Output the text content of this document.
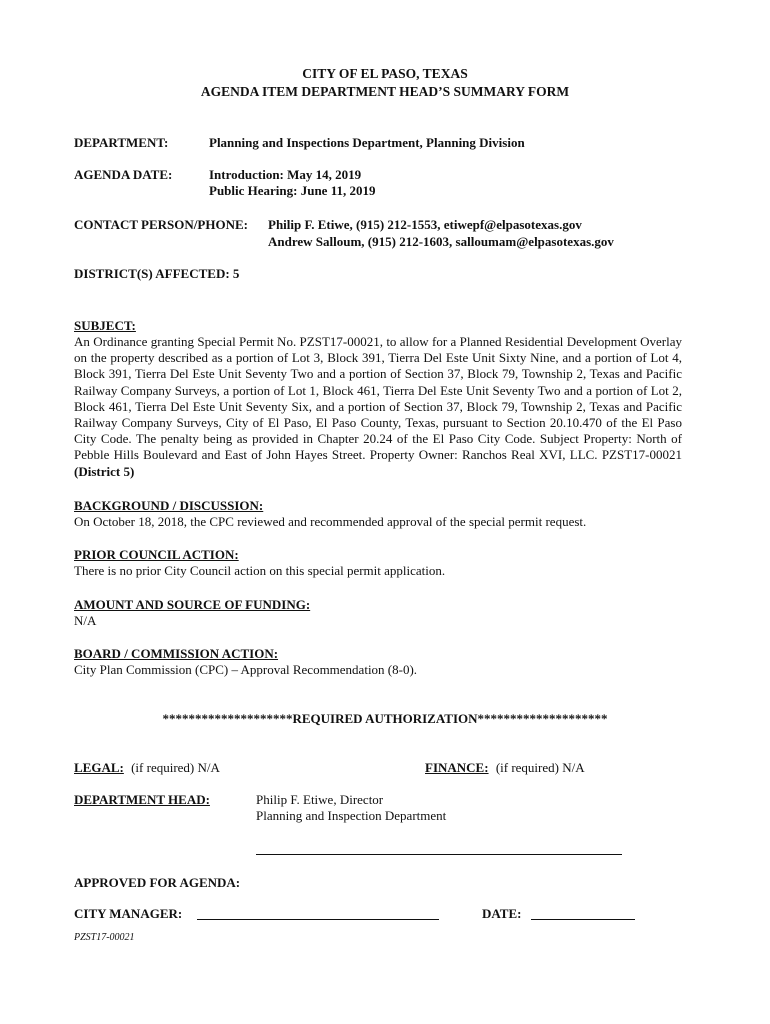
CITY OF EL PASO, TEXAS
AGENDA ITEM DEPARTMENT HEAD’S SUMMARY FORM
DEPARTMENT:	Planning and Inspections Department, Planning Division
AGENDA DATE:	Introduction: May 14, 2019
Public Hearing: June 11, 2019
CONTACT PERSON/PHONE: Philip F. Etiwe, (915) 212-1553, etiwepf@elpasotexas.gov
Andrew Salloum, (915) 212-1603, salloumam@elpasotexas.gov
DISTRICT(S) AFFECTED: 5
SUBJECT:
An Ordinance granting Special Permit No. PZST17-00021, to allow for a Planned Residential Development Overlay on the property described as a portion of Lot 3, Block 391, Tierra Del Este Unit Sixty Nine, and a portion of Lot 4, Block 391, Tierra Del Este Unit Seventy Two and a portion of Section 37, Block 79, Township 2, Texas and Pacific Railway Company Surveys, a portion of Lot 1, Block 461, Tierra Del Este Unit Seventy Two and a portion of Lot 2, Block 461, Tierra Del Este Unit Seventy Six, and a portion of Section 37, Block 79, Township 2, Texas and Pacific Railway Company Surveys, City of El Paso, El Paso County, Texas, pursuant to Section 20.10.470 of the El Paso City Code. The penalty being as provided in Chapter 20.24 of the El Paso City Code. Subject Property: North of Pebble Hills Boulevard and East of John Hayes Street. Property Owner: Ranchos Real XVI, LLC. PZST17-00021 (District 5)
BACKGROUND / DISCUSSION:
On October 18, 2018, the CPC reviewed and recommended approval of the special permit request.
PRIOR COUNCIL ACTION:
There is no prior City Council action on this special permit application.
AMOUNT AND SOURCE OF FUNDING:
N/A
BOARD / COMMISSION ACTION:
City Plan Commission (CPC) – Approval Recommendation (8-0).
********************REQUIRED AUTHORIZATION********************
LEGAL: (if required) N/A	FINANCE: (if required) N/A
DEPARTMENT HEAD:	Philip F. Etiwe, Director
Planning and Inspection Department
APPROVED FOR AGENDA:
CITY MANAGER:	DATE:
PZST17-00021
